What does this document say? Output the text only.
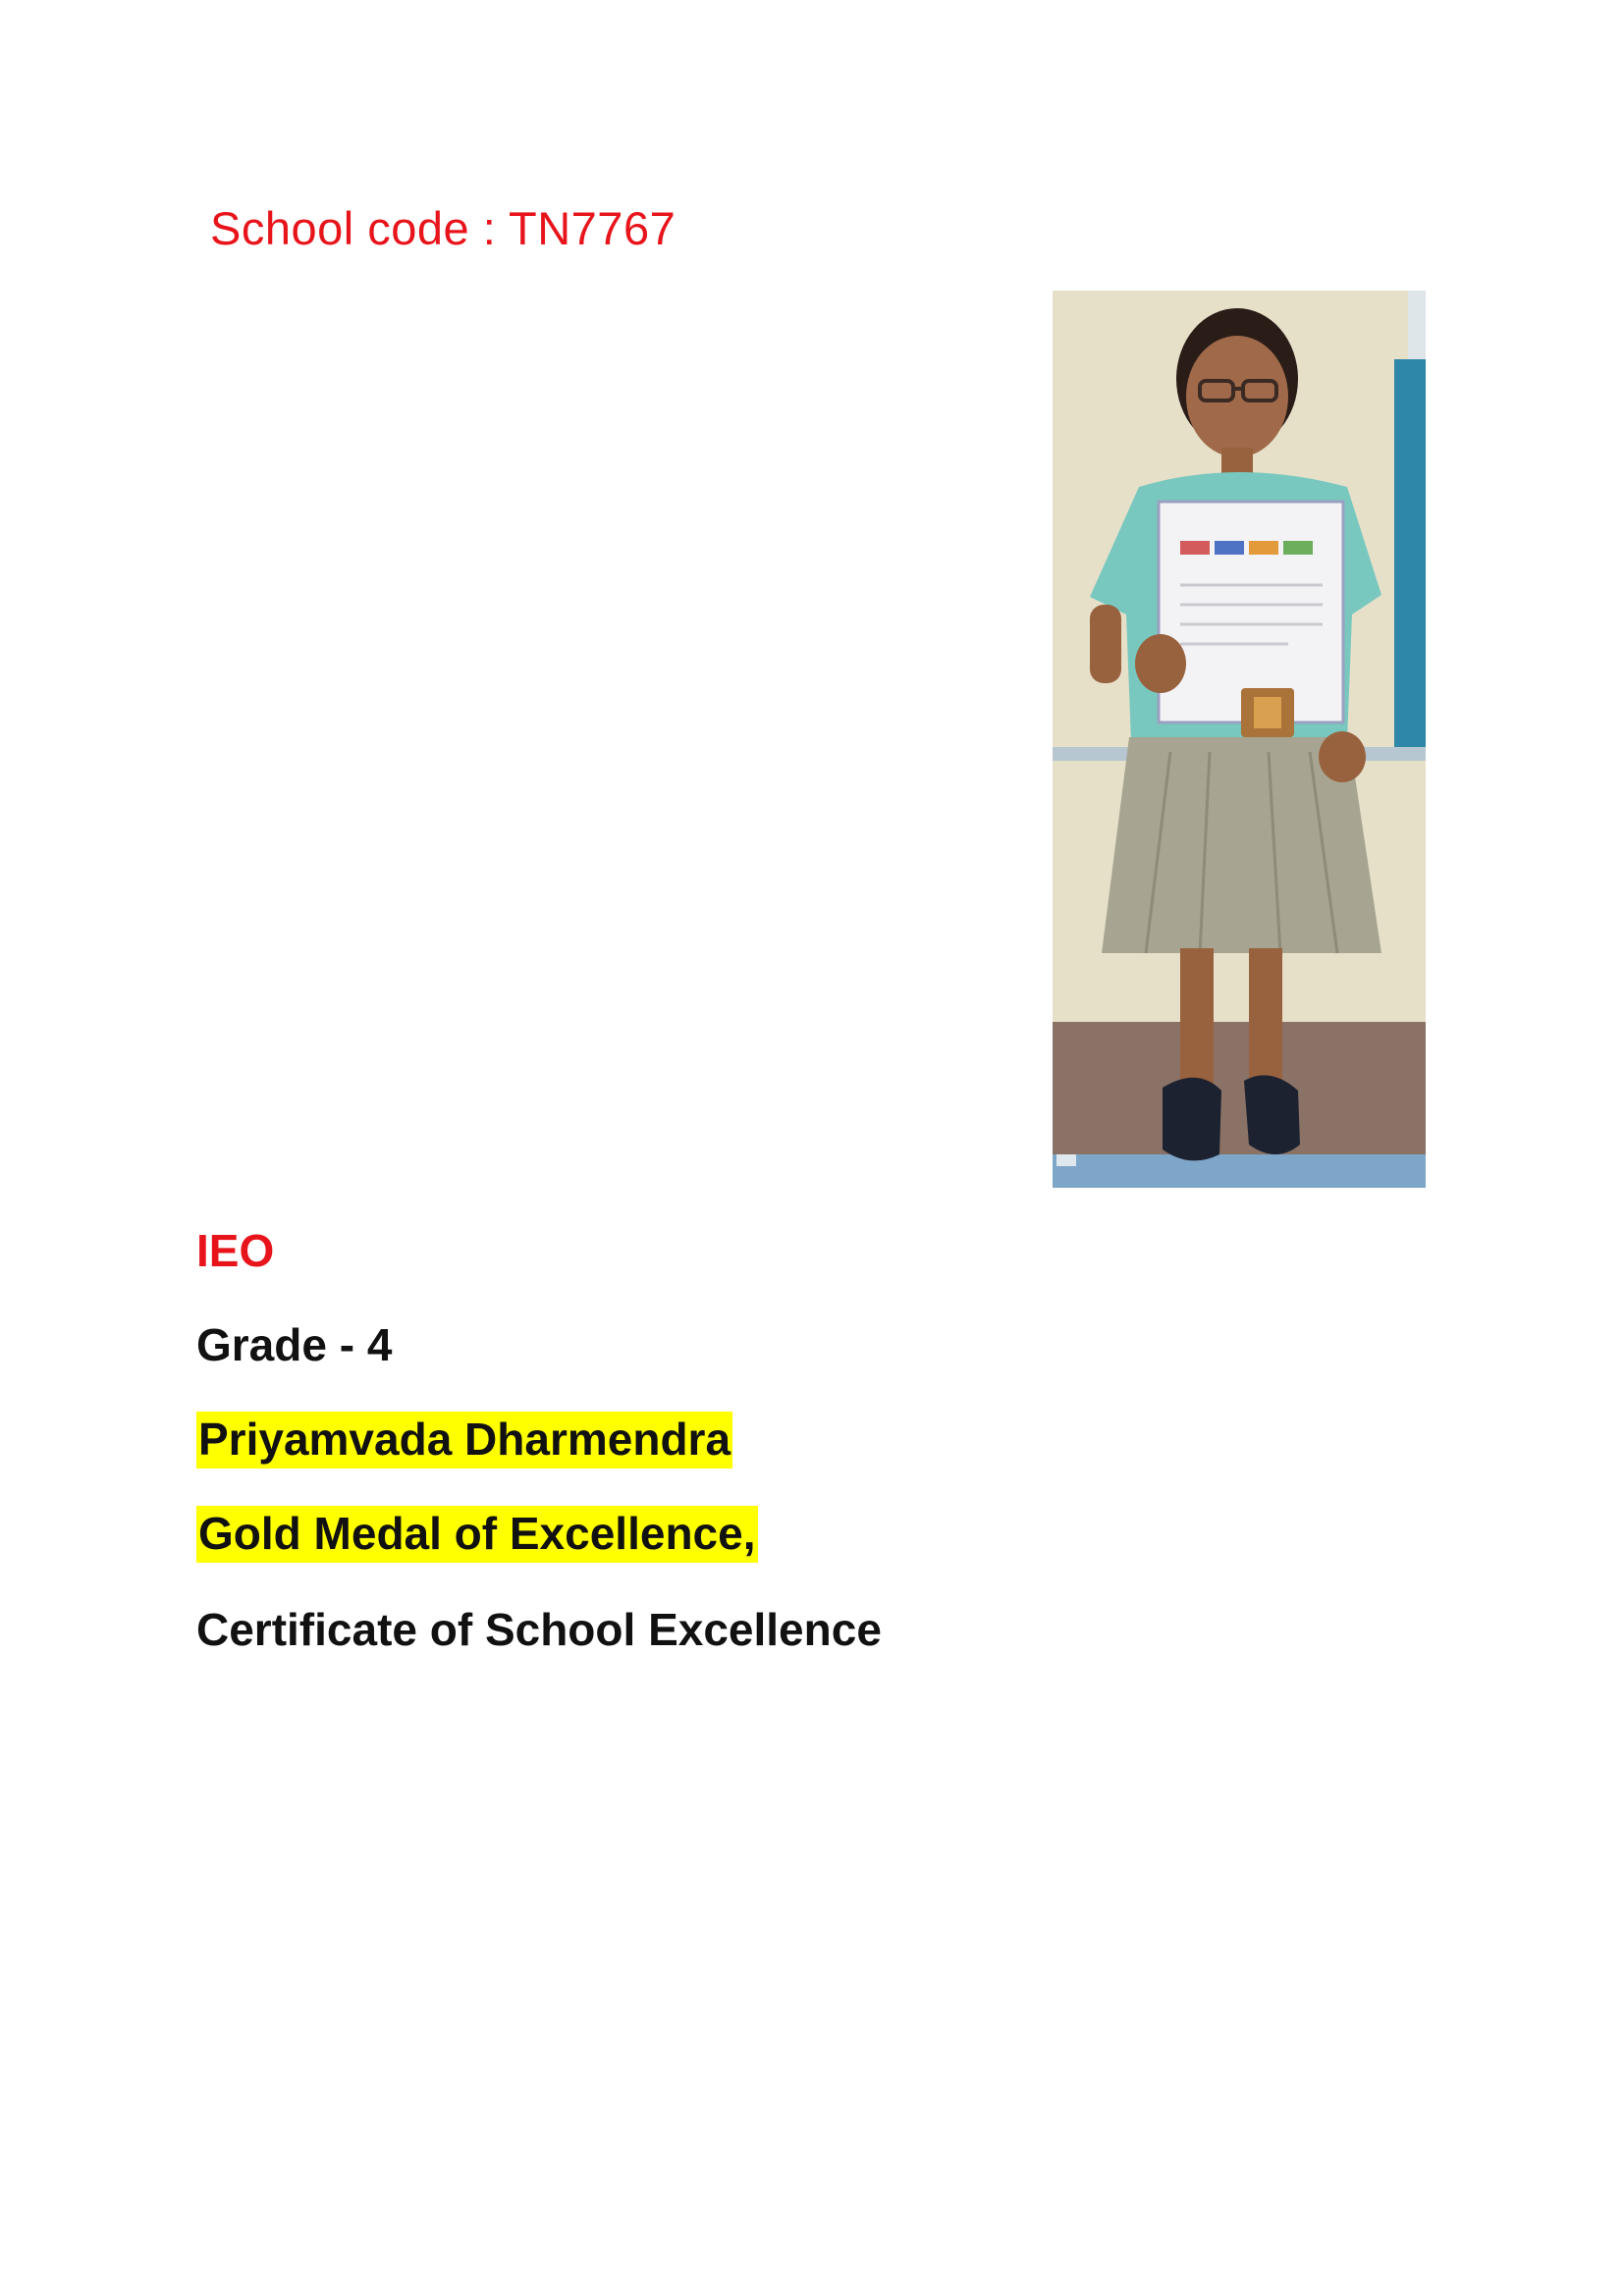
School code : TN7767
IEO
Grade - 4
Priyamvada Dharmendra
Gold Medal of Excellence,
Certificate of School Excellence
